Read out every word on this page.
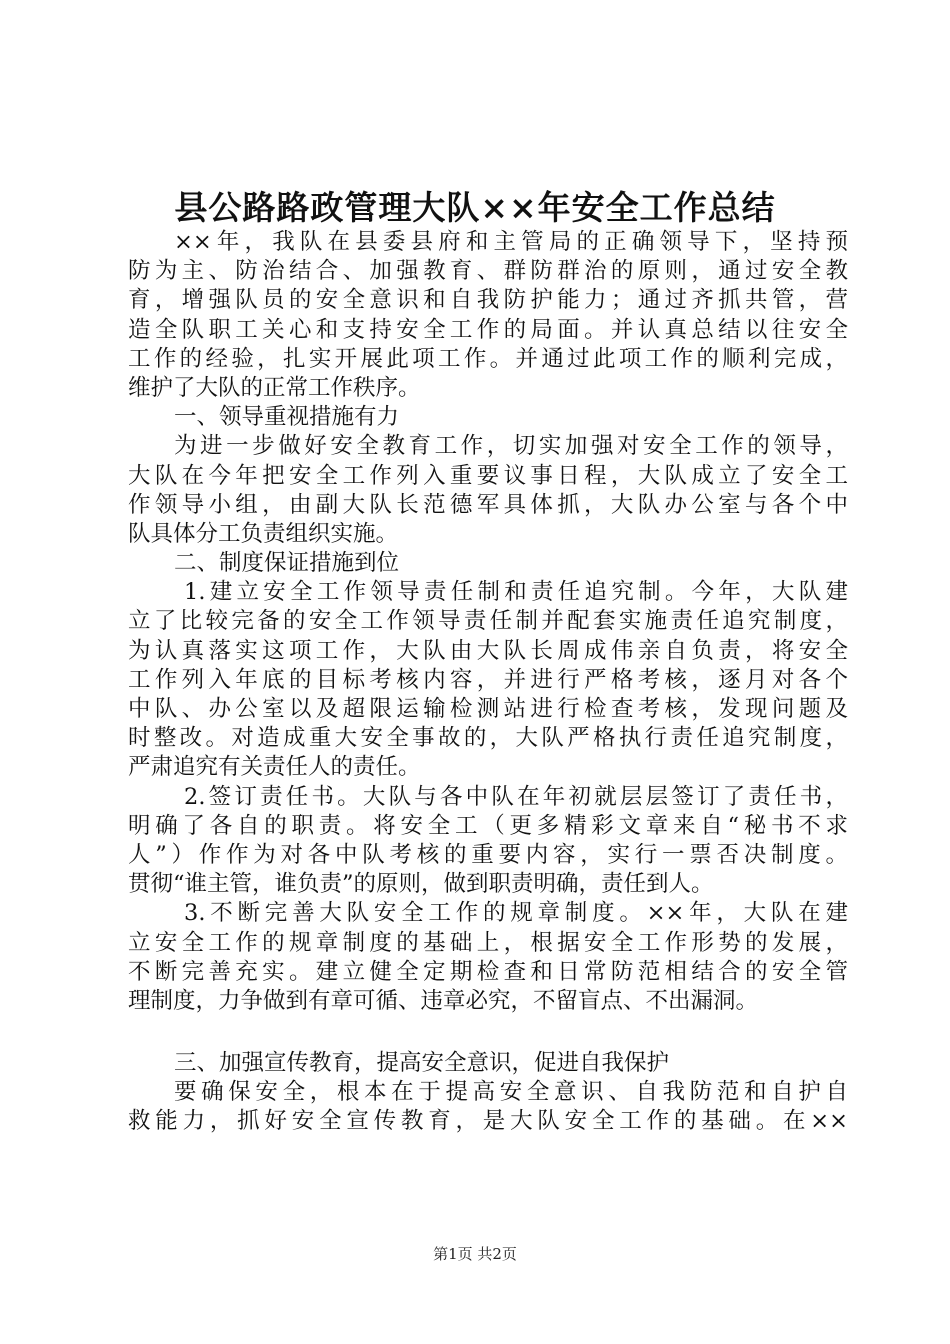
县公路路政管理大队××年安全工作总结
××年，我队在县委县府和主管局的正确领导下，坚持预
防为主、防治结合、加强教育、群防群治的原则，通过安全教
育，增强队员的安全意识和自我防护能力；通过齐抓共管，营
造全队职工关心和支持安全工作的局面。并认真总结以往安全
工作的经验，扎实开展此项工作。并通过此项工作的顺利完成，
维护了大队的正常工作秩序。
一、领导重视措施有力
为进一步做好安全教育工作，切实加强对安全工作的领导，
大队在今年把安全工作列入重要议事日程，大队成立了安全工
作领导小组，由副大队长范德军具体抓，大队办公室与各个中
队具体分工负责组织实施。
二、制度保证措施到位
1.建立安全工作领导责任制和责任追究制。今年，大队建
立了比较完备的安全工作领导责任制并配套实施责任追究制度，
为认真落实这项工作，大队由大队长周成伟亲自负责，将安全
工作列入年底的目标考核内容，并进行严格考核，逐月对各个
中队、办公室以及超限运输检测站进行检查考核，发现问题及
时整改。对造成重大安全事故的，大队严格执行责任追究制度，
严肃追究有关责任人的责任。
2.签订责任书。大队与各中队在年初就层层签订了责任书，
明确了各自的职责。将安全工（更多精彩文章来自“秘书不求
人”）作作为对各中队考核的重要内容，实行一票否决制度。
贯彻“谁主管，谁负责”的原则，做到职责明确，责任到人。
3.不断完善大队安全工作的规章制度。××年，大队在建
立安全工作的规章制度的基础上，根据安全工作形势的发展，
不断完善充实。建立健全定期检查和日常防范相结合的安全管
理制度，力争做到有章可循、违章必究，不留盲点、不出漏洞。
三、加强宣传教育，提高安全意识，促进自我保护
要确保安全，根本在于提高安全意识、自我防范和自护自
救能力，抓好安全宣传教育，是大队安全工作的基础。在××
第1页 共2页
